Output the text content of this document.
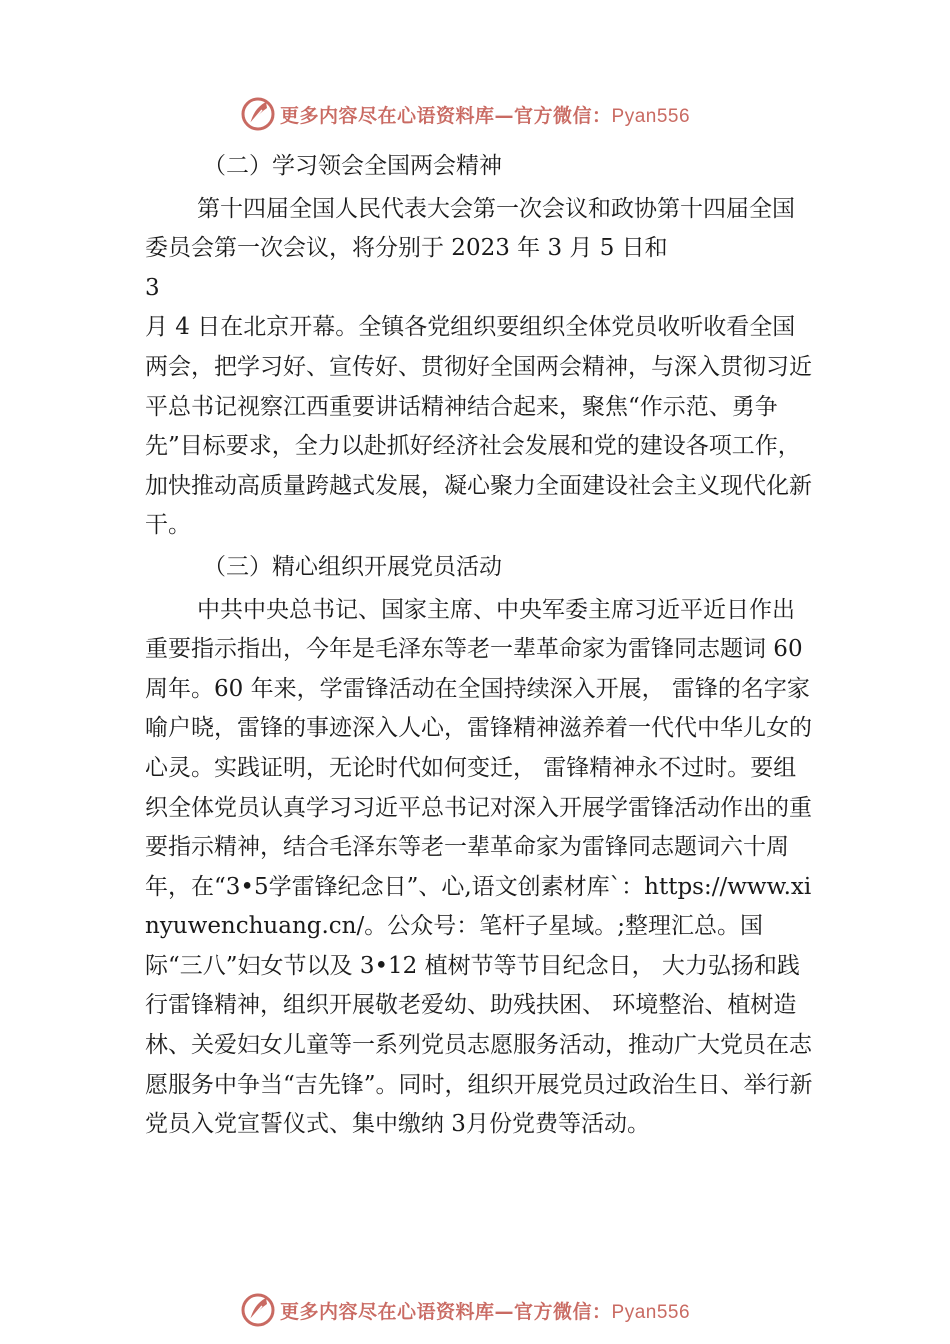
更多内容尽在心语资料库—官方微信：Pyan556

（二）学习领会全国两会精神

第十四届全国人民代表大会第一次会议和政协第十四届全国委员会第一次会议，将分别于 2023 年 3 月 5 日和
3
月 4 日在北京开幕。全镇各党组织要组织全体党员收听收看全国两会，把学习好、宣传好、贯彻好全国两会精神，与深入贯彻习近平总书记视察江西重要讲话精神结合起来，聚焦“作示范、勇争先”目标要求，全力以赴抓好经济社会发展和党的建设各项工作，加快推动高质量跨越式发展，凝心聚力全面建设社会主义现代化新干。

（三）精心组织开展党员活动

中共中央总书记、国家主席、中央军委主席习近平近日作出重要指示指出，今年是毛泽东等老一辈革命家为雷锋同志题词 60 周年。60 年来，学雷锋活动在全国持续深入开展， 雷锋的名字家喻户晓，雷锋的事迹深入人心，雷锋精神滋养着一代代中华儿女的心灵。实践证明，无论时代如何变迁， 雷锋精神永不过时。要组织全体党员认真学习习近平总书记对深入开展学雷锋活动作出的重要指示精神，结合毛泽东等老一辈革命家为雷锋同志题词六十周年，在“3•5学雷锋纪念日”、心,语文创素材库`：https://www.xinyuwenchuang.cn/。公众号：笔杆子星域。;整理汇总。国际“三八”妇女节以及 3•12 植树节等节目纪念日， 大力弘扬和践行雷锋精神，组织开展敬老爱幼、助残扶困、 环境整治、植树造林、关爱妇女儿童等一系列党员志愿服务活动，推动广大党员在志愿服务中争当“吉先锋”。同时，组织开展党员过政治生日、举行新党员入党宣誓仪式、集中缴纳 3月份党费等活动。

更多内容尽在心语资料库—官方微信：Pyan556
